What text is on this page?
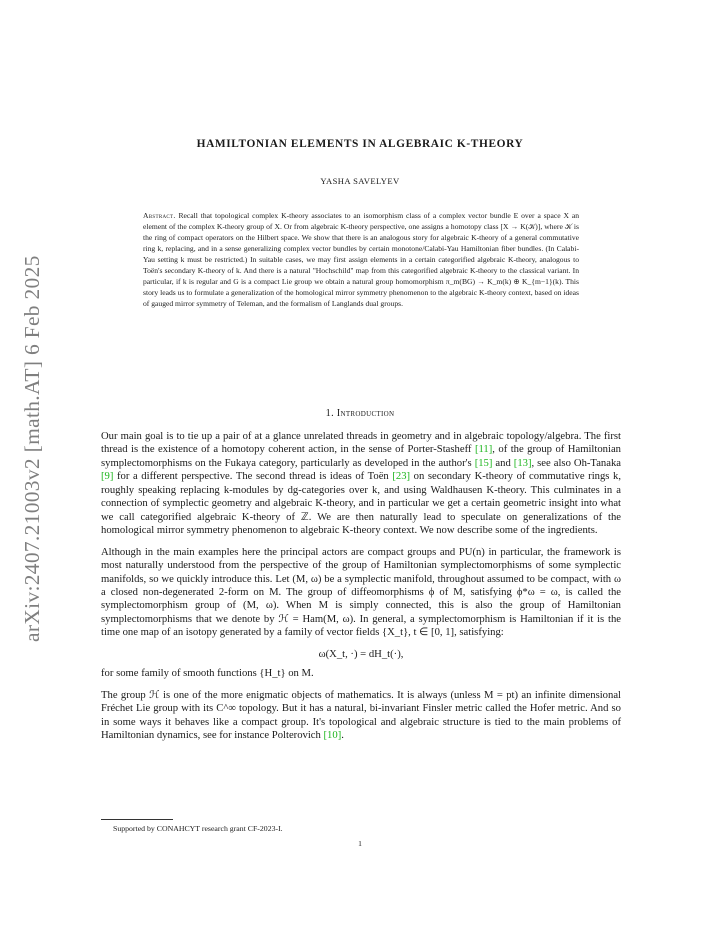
arXiv:2407.21003v2 [math.AT] 6 Feb 2025
HAMILTONIAN ELEMENTS IN ALGEBRAIC K-THEORY
YASHA SAVELYEV
Abstract. Recall that topological complex K-theory associates to an isomorphism class of a complex vector bundle E over a space X an element of the complex K-theory group of X. Or from algebraic K-theory perspective, one assigns a homotopy class [X → K(𝒦)], where 𝒦 is the ring of compact operators on the Hilbert space. We show that there is an analogous story for algebraic K-theory of a general commutative ring k, replacing, and in a sense generalizing complex vector bundles by certain monotone/Calabi-Yau Hamiltonian fiber bundles. (In Calabi-Yau setting k must be restricted.) In suitable cases, we may first assign elements in a certain categorified algebraic K-theory, analogous to Toën's secondary K-theory of k. And there is a natural "Hochschild" map from this categorified algebraic K-theory to the classical variant. In particular, if k is regular and G is a compact Lie group we obtain a natural group homomorphism π_m(BG) → K_m(k) ⊕ K_{m−1}(k). This story leads us to formulate a generalization of the homological mirror symmetry phenomenon to the algebraic K-theory context, based on ideas of gauged mirror symmetry of Teleman, and the formalism of Langlands dual groups.
1. Introduction

Our main goal is to tie up a pair of at a glance unrelated threads in geometry and in algebraic topology/algebra. The first thread is the existence of a homotopy coherent action, in the sense of Porter-Stasheff [11], of the group of Hamiltonian symplectomorphisms on the Fukaya category, particularly as developed in the author's [15] and [13], see also Oh-Tanaka [9] for a different perspective. The second thread is ideas of Toën [23] on secondary K-theory of commutative rings k, roughly speaking replacing k-modules by dg-categories over k, and using Waldhausen K-theory. This culminates in a connection of symplectic geometry and algebraic K-theory, and in particular we get a certain geometric insight into what we call categorified algebraic K-theory of ℤ. We are then naturally lead to speculate on generalizations of the homological mirror symmetry phenomenon to algebraic K-theory context. We now describe some of the ingredients.

Although in the main examples here the principal actors are compact groups and PU(n) in particular, the framework is most naturally understood from the perspective of the group of Hamiltonian symplectomorphisms of some symplectic manifolds, so we quickly introduce this. Let (M, ω) be a symplectic manifold, throughout assumed to be compact, with ω a closed non-degenerated 2-form on M. The group of diffeomorphisms ϕ of M, satisfying ϕ*ω = ω, is called the symplectomorphism group of (M, ω). When M is simply connected, this is also the group of Hamiltonian symplectomorphisms that we denote by ℋ = Ham(M, ω). In general, a symplectomorphism is Hamiltonian if it is the time one map of an isotopy generated by a family of vector fields {X_t}, t ∈ [0, 1], satisfying:

ω(X_t, ·) = dH_t(·),

for some family of smooth functions {H_t} on M.

The group ℋ is one of the more enigmatic objects of mathematics. It is always (unless M = pt) an infinite dimensional Fréchet Lie group with its C^∞ topology. But it has a natural, bi-invariant Finsler metric called the Hofer metric. And so in some ways it behaves like a compact group. It's topological and algebraic structure is tied to the main problems of Hamiltonian dynamics, see for instance Polterovich [10].

Supported by CONAHCYT research grant CF-2023-I.
1
